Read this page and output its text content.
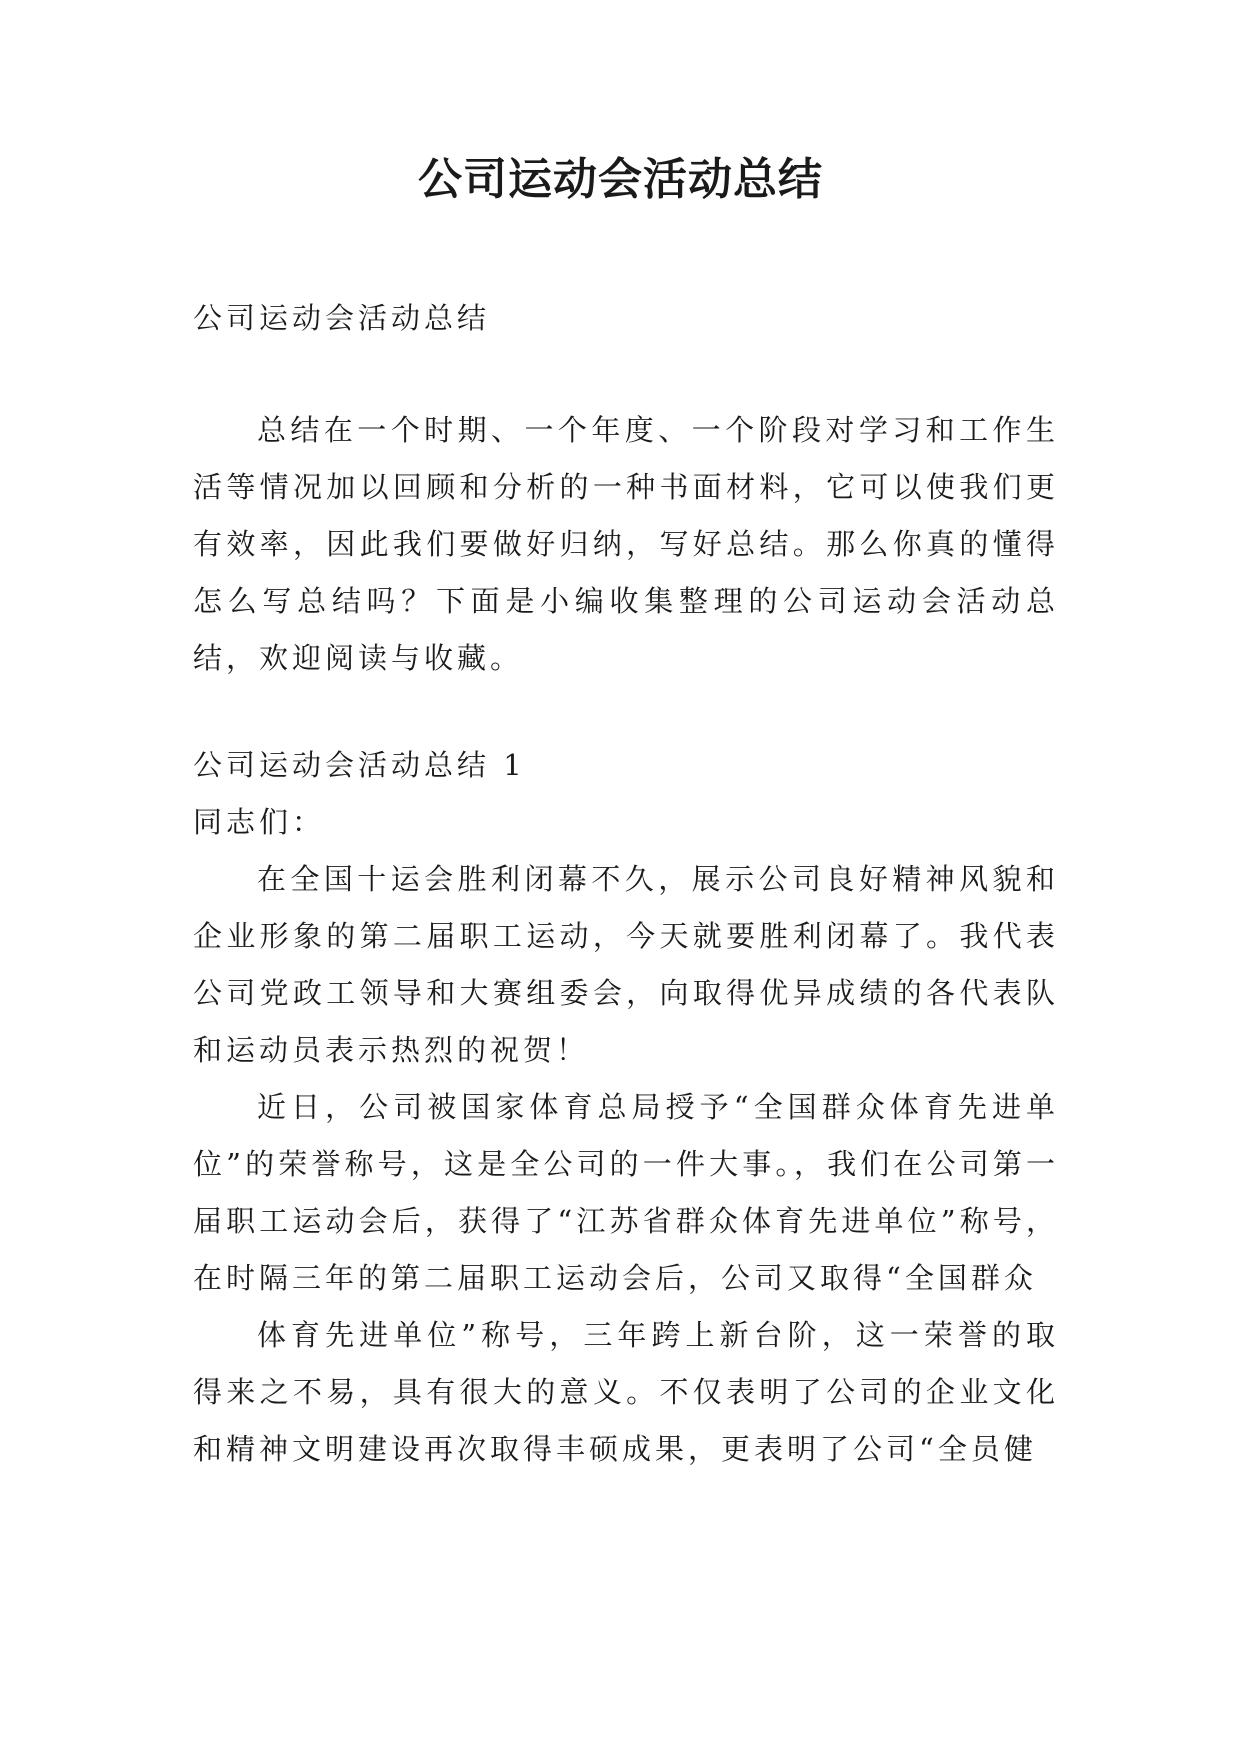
公司运动会活动总结

公司运动会活动总结

总结在一个时期、一个年度、一个阶段对学习和工作生活等情况加以回顾和分析的一种书面材料，它可以使我们更有效率，因此我们要做好归纳，写好总结。那么你真的懂得怎么写总结吗？下面是小编收集整理的公司运动会活动总结，欢迎阅读与收藏。

公司运动会活动总结 1

同志们：

在全国十运会胜利闭幕不久，展示公司良好精神风貌和企业形象的第二届职工运动，今天就要胜利闭幕了。我代表公司党政工领导和大赛组委会，向取得优异成绩的各代表队和运动员表示热烈的祝贺！

近日，公司被国家体育总局授予“全国群众体育先进单位”的荣誉称号，这是全公司的一件大事。，我们在公司第一届职工运动会后，获得了“江苏省群众体育先进单位”称号，在时隔三年的第二届职工运动会后，公司又取得“全国群众

体育先进单位”称号，三年跨上新台阶，这一荣誉的取得来之不易，具有很大的意义。不仅表明了公司的企业文化和精神文明建设再次取得丰硕成果，更表明了公司“全员健
